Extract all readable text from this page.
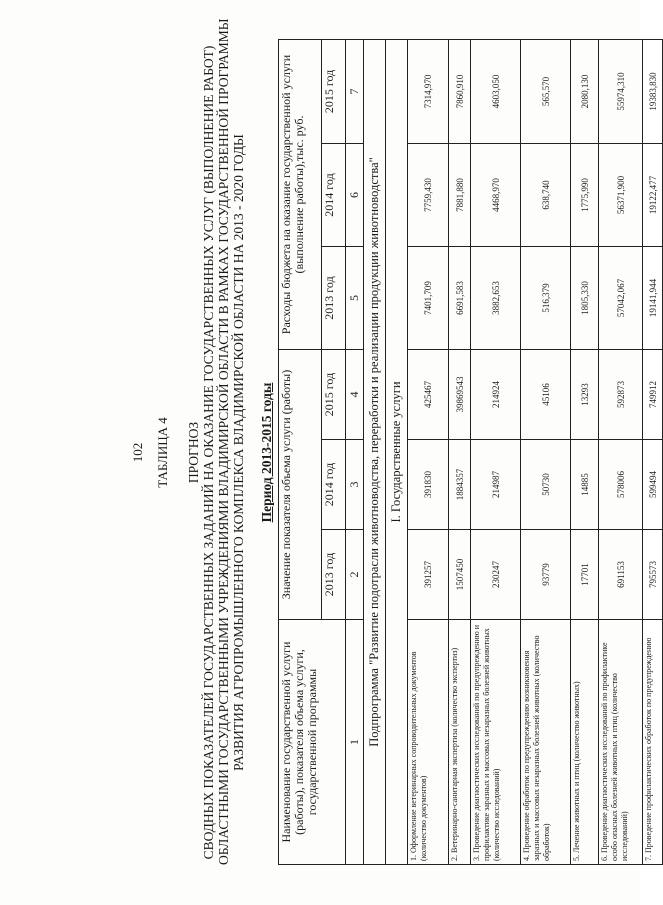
102 ТАБЛИЦА 4 ПРОГНОЗ СВОДНЫХ ПОКАЗАТЕЛЕЙ ГОСУДАРСТВЕННЫХ ЗАДАНИЙ НА ОКАЗАНИЕ ГОСУДАРСТВЕННЫХ УСЛУГ (ВЫПОЛНЕНИЕ РАБОТ) ОБЛАСТНЫМИ ГОСУДАРСТВЕННЫМИ УЧРЕЖДЕНИЯМИ ВЛАДИМИРСКОЙ ОБЛАСТИ В РАМКАХ ГОСУДАРСТВЕННОЙ ПРОГРАММЫ РАЗВИТИЯ АГРОПРОМЫШЛЕННОГО КОМПЛЕКСА ВЛАДИМИРСКОЙ ОБЛАСТИ НА 2013 - 2020 ГОДЫ Период 2013-2015 годы
Наименование государственной услуги (работы), показателя объема услуги, государственной программы	Значение показателя объема услуги (работы)			Расходы бюджета на оказание государственной услуги (выполнение работы),тыс. руб.		

	2013 год	2014 год	2015 год	2013 год	2014 год	2015 год
1	2	3	4	5	6	7
Подпрограмма "Развитие подотрасли животноводства, переработки и реализации продукции животноводства"						
I. Государственные услуги						
1. Оформление ветеринарных сопроводительных документов (количество документов)	391257	391830	425467	7401,709	7759,430	7314,970
2. Ветеринарно-санитарная экспертиза (количество экспертиз)	1507450	1884357	39869543	6691,583	7881,880	7860,910
3. Проведение диагностических исследований по предупреждению и профилактике заразных и массовых незаразных болезней животных (количество исследований)	230247	214987	214924	3882,653	4468,970	4603,050
4. Проведение обработок по предупреждению возникновения заразных и массовых незаразных болезней животных (количество обработок)	93779	50730	45106	516,379	638,740	565,570
5. Лечение животных и птиц (количество животных)	17701	14885	13293	1805,330	1775,990	2080,130
6. Проведение диагностических исследований по профилактике особо опасных болезней животных и птиц (количество исследований)	691153	578006	592873	57042,067	56371,900	55974,310
7. Проведение профилактических обработок по предупреждению	795573	599494	749912	19141,944	19122,477	19383,830
